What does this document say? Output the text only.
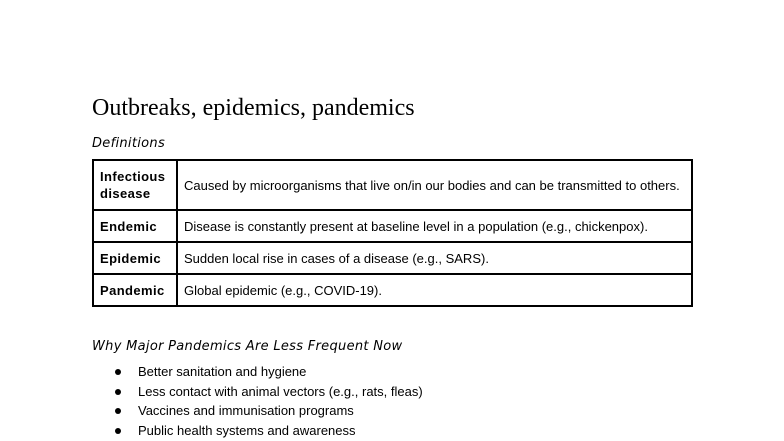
Outbreaks, epidemics, pandemics
Definitions
Infectious disease	Caused by microorganisms that live on/in our bodies and can be transmitted to others.
Endemic	Disease is constantly present at baseline level in a population (e.g., chickenpox).
Epidemic	Sudden local rise in cases of a disease (e.g., SARS).
Pandemic	Global epidemic (e.g., COVID-19).
Why Major Pandemics Are Less Frequent Now
Better sanitation and hygiene
Less contact with animal vectors (e.g., rats, fleas)
Vaccines and immunisation programs
Public health systems and awareness
